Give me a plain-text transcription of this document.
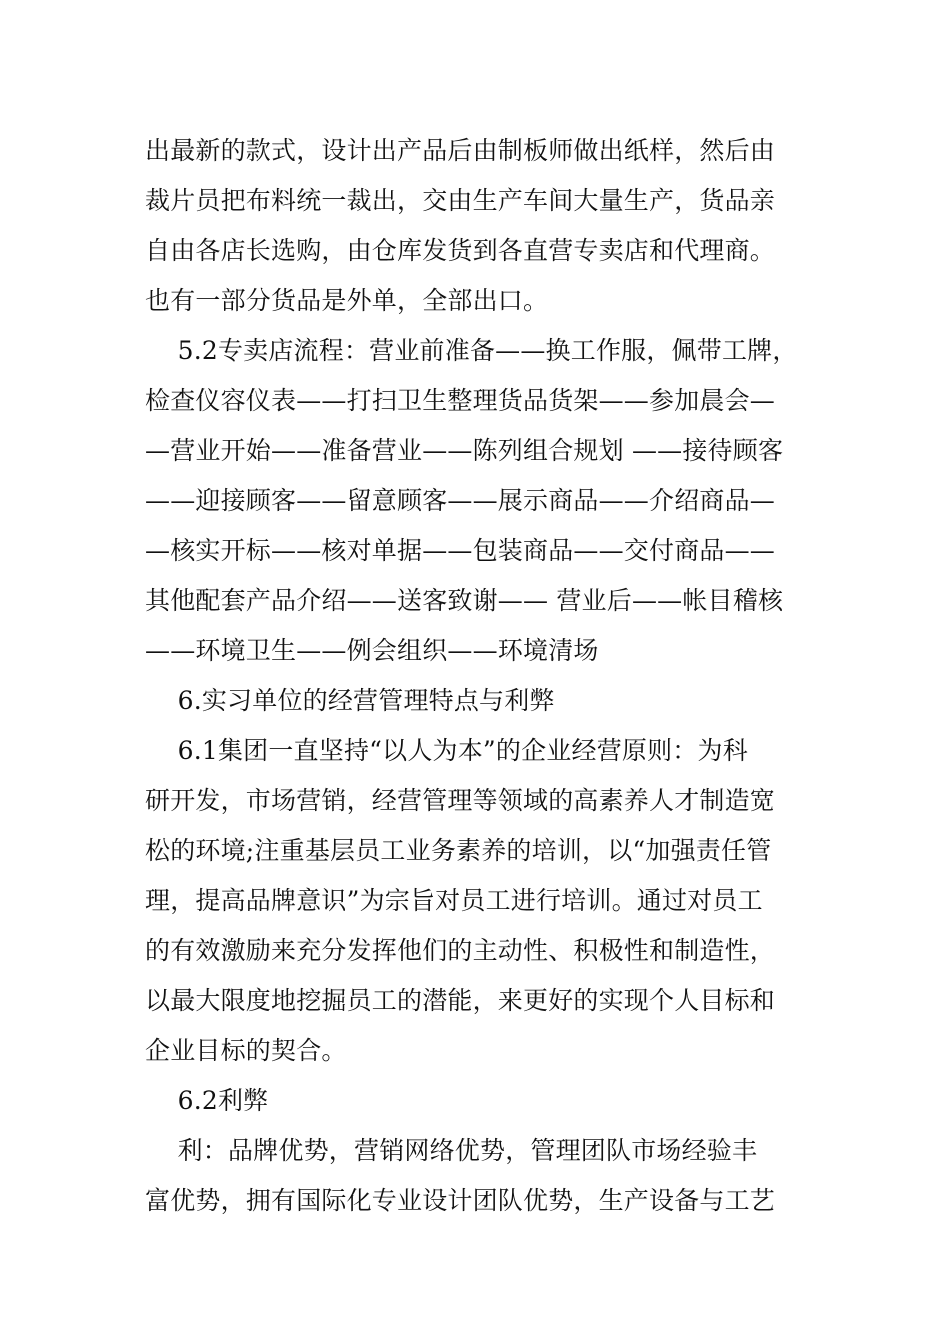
出最新的款式，设计出产品后由制板师做出纸样，然后由
裁片员把布料统一裁出，交由生产车间大量生产，货品亲
自由各店长选购，由仓库发货到各直营专卖店和代理商。
也有一部分货品是外单，全部出口。
5.2专卖店流程：营业前准备——换工作服，佩带工牌，
检查仪容仪表——打扫卫生整理货品货架——参加晨会—
—营业开始——准备营业——陈列组合规划 ——接待顾客
——迎接顾客——留意顾客——展示商品——介绍商品—
—核实开标——核对单据——包装商品——交付商品——
其他配套产品介绍——送客致谢—— 营业后——帐目稽核
——环境卫生——例会组织——环境清场
6.实习单位的经营管理特点与利弊
6.1集团一直坚持“以人为本”的企业经营原则：为科
研开发，市场营销，经营管理等领域的高素养人才制造宽
松的环境;注重基层员工业务素养的培训，以“加强责任管
理，提高品牌意识”为宗旨对员工进行培训。通过对员工
的有效激励来充分发挥他们的主动性、积极性和制造性，
以最大限度地挖掘员工的潜能，来更好的实现个人目标和
企业目标的契合。
6.2利弊
利：品牌优势，营销网络优势，管理团队市场经验丰
富优势，拥有国际化专业设计团队优势，生产设备与工艺
